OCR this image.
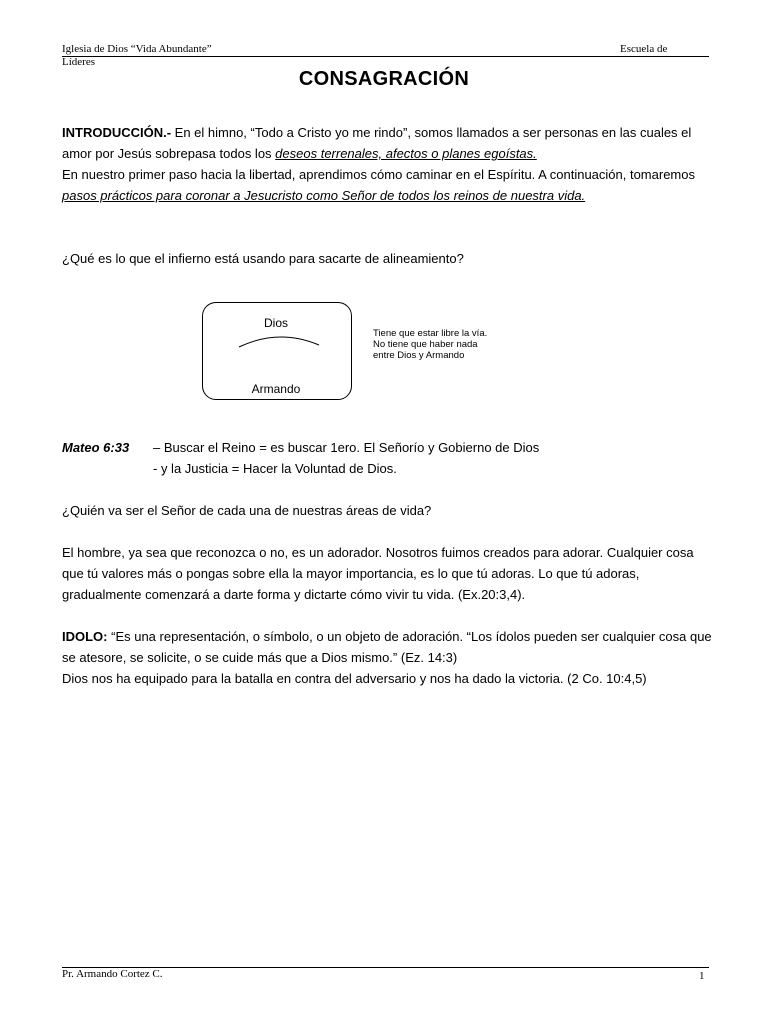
Iglesia de Dios “Vida Abundante”	Escuela de
Líderes
CONSAGRACIÓN
INTRODUCCIÓN.- En el himno, “Todo a Cristo yo me rindo”, somos llamados a ser personas en las cuales el amor por Jesús sobrepasa todos los deseos terrenales, afectos o planes egoístas.
En nuestro primer paso hacia la libertad, aprendimos cómo caminar en el Espíritu. A continuación, tomaremos pasos prácticos para coronar a Jesucristo como Señor de todos los reinos de nuestra vida.
¿Qué es lo que el infierno está usando para sacarte de alineamiento?
Dios
Armando
Tiene que estar libre la vía. No tiene que haber nada entre Dios y Armando
Mateo 6:33 – Buscar el Reino = es buscar 1ero. El Señorío y Gobierno de Dios
- y la Justicia = Hacer la Voluntad de Dios.
¿Quién va ser el Señor de cada una de nuestras áreas de vida?
El hombre, ya sea que reconozca o no, es un adorador. Nosotros fuimos creados para adorar. Cualquier cosa que tú valores más o pongas sobre ella la mayor importancia, es lo que tú adoras. Lo que tú adoras, gradualmente comenzará a darte forma y dictarte cómo vivir tu vida. (Ex.20:3,4).
IDOLO: “Es una representación, o símbolo, o un objeto de adoración. “Los ídolos pueden ser cualquier cosa que se atesore, se solicite, o se cuide más que a Dios mismo.” (Ez. 14:3)
Dios nos ha equipado para la batalla en contra del adversario y nos ha dado la victoria. (2 Co. 10:4,5)
Pr. Armando Cortez C.	1
